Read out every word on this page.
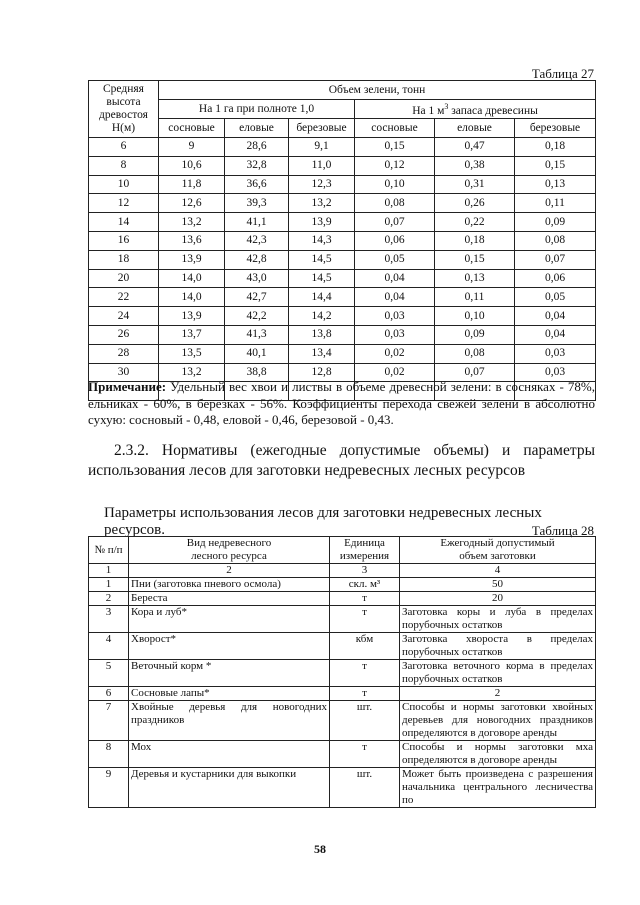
Таблица 27
Средняя высота древостоя Н(м)	Объем зелени, тонн					
	На 1 га при полноте 1,0			На 1 $м^3$ запаса древесины		
	сосновые	еловые	березовые	сосновые	еловые	березовые
6	9	28,6	9,1	0,15	0,47	0,18
8	10,6	32,8	11,0	0,12	0,38	0,15
10	11,8	36,6	12,3	0,10	0,31	0,13
12	12,6	39,3	13,2	0,08	0,26	0,11
14	13,2	41,1	13,9	0,07	0,22	0,09
16	13,6	42,3	14,3	0,06	0,18	0,08
18	13,9	42,8	14,5	0,05	0,15	0,07
20	14,0	43,0	14,5	0,04	0,13	0,06
22	14,0	42,7	14,4	0,04	0,11	0,05
24	13,9	42,2	14,2	0,03	0,10	0,04
26	13,7	41,3	13,8	0,03	0,09	0,04
28	13,5	40,1	13,4	0,02	0,08	0,03
30	13,2	38,8	12,8	0,02	0,07	0,03

Примечание: Удельный вес хвои и листвы в объеме древесной зелени: в сосняках - 78%, ельниках - 60%, в березках - 56%. Коэффициенты перехода свежей зелени в абсолютно сухую: сосновый - 0,48, еловой - 0,46, березовой - 0,43.
2.3.2. Нормативы (ежегодные допустимые объемы) и параметры использования лесов для заготовки недревесных лесных ресурсов
Параметры использования лесов для заготовки недревесных лесных ресурсов.	Таблица 28
№ п/п	Вид недревесного лесного ресурса	Единица измерения	Ежегодный допустимый объем заготовки
1	2	3	4
1	Пни (заготовка пневого осмола)	скл. м³	50
2	Береста	т	20
3	Кора и луб*	т	Заготовка коры и луба в пределах порубочных остатков
4	Хворост*	кбм	Заготовка хвороста в пределах порубочных остатков
5	Веточный корм *	т	Заготовка веточного корма в пределах порубочных остатков
6	Сосновые лапы*	т	2
7	Хвойные деревья для новогодних праздников	шт.	Способы и нормы заготовки хвойных деревьев для новогодних праздников определяются в договоре аренды
8	Мох	т	Способы и нормы заготовки мха определяются в договоре аренды
9	Деревья и кустарники для выкопки	шт.	Может быть произведена с разрешения начальника центрального лесничества по
58
